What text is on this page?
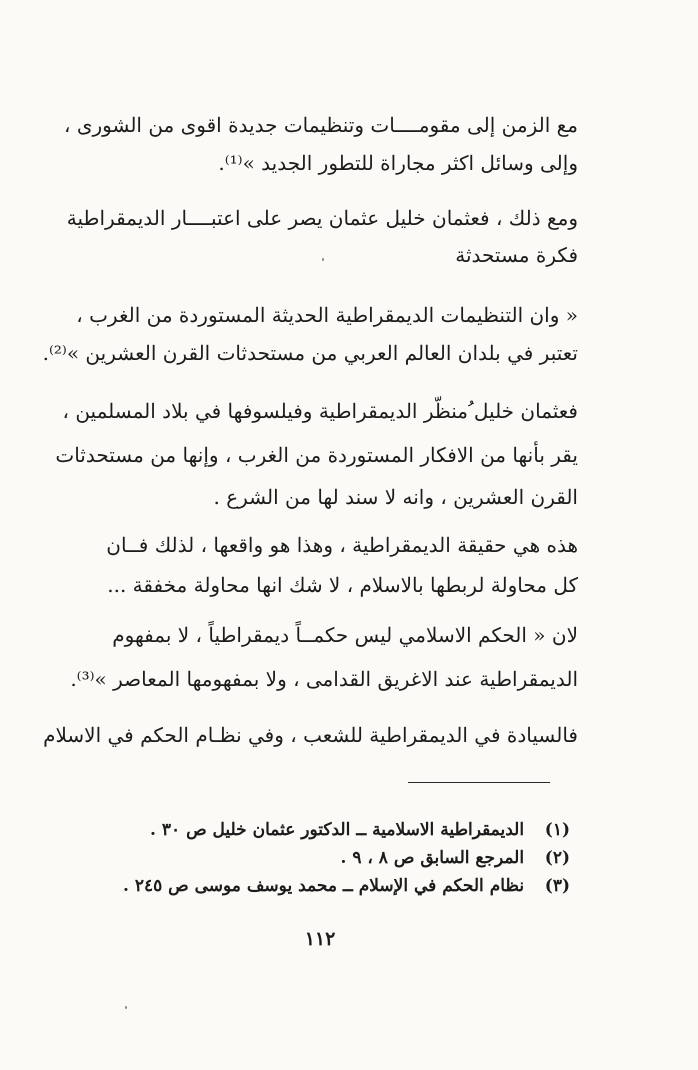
مع الزمن إلى مقومــــات وتنظيمات جديدة اقوى من الشورى ،
وإلى وسائل اكثر مجاراة للتطور الجديد »⁽¹⁾.
ومع ذلك ، فعثمان خليل عثمان يصر على اعتبــــار الديمقراطية
فكرة مستحدثة
« وان التنظيمات الديمقراطية الحديثة المستوردة من الغرب ،
تعتبر في بلدان العالم العربي من مستحدثات القرن العشرين »⁽²⁾.
فعثمان خليل ُمنظّر الديمقراطية وفيلسوفها في بلاد المسلمين ،
يقر بأنها من الافكار المستوردة من الغرب ، وإنها من مستحدثات
القرن العشرين ، وانه لا سند لها من الشرع .
هذه هي حقيقة الديمقراطية ، وهذا هو واقعها ، لذلك فــان
كل محاولة لربطها بالاسلام ، لا شك انها محاولة مخفقة ...
لان « الحكم الاسلامي ليس حكمــاً ديمقراطياً ، لا بمفهوم
الديمقراطية عند الاغريق القدامى ، ولا بمفهومها المعاصر »⁽³⁾.
فالسيادة في الديمقراطية للشعب ، وفي نظـام الحكم في الاسلام
(١) الديمقراطية الاسلامية ــ الدكتور عثمان خليل ص ٣٠ .
(٢) المرجع السابق ص ٨ ، ٩ .
(٣) نظام الحكم في الإسلام ــ محمد يوسف موسى ص ٢٤٥ .
١١٢
